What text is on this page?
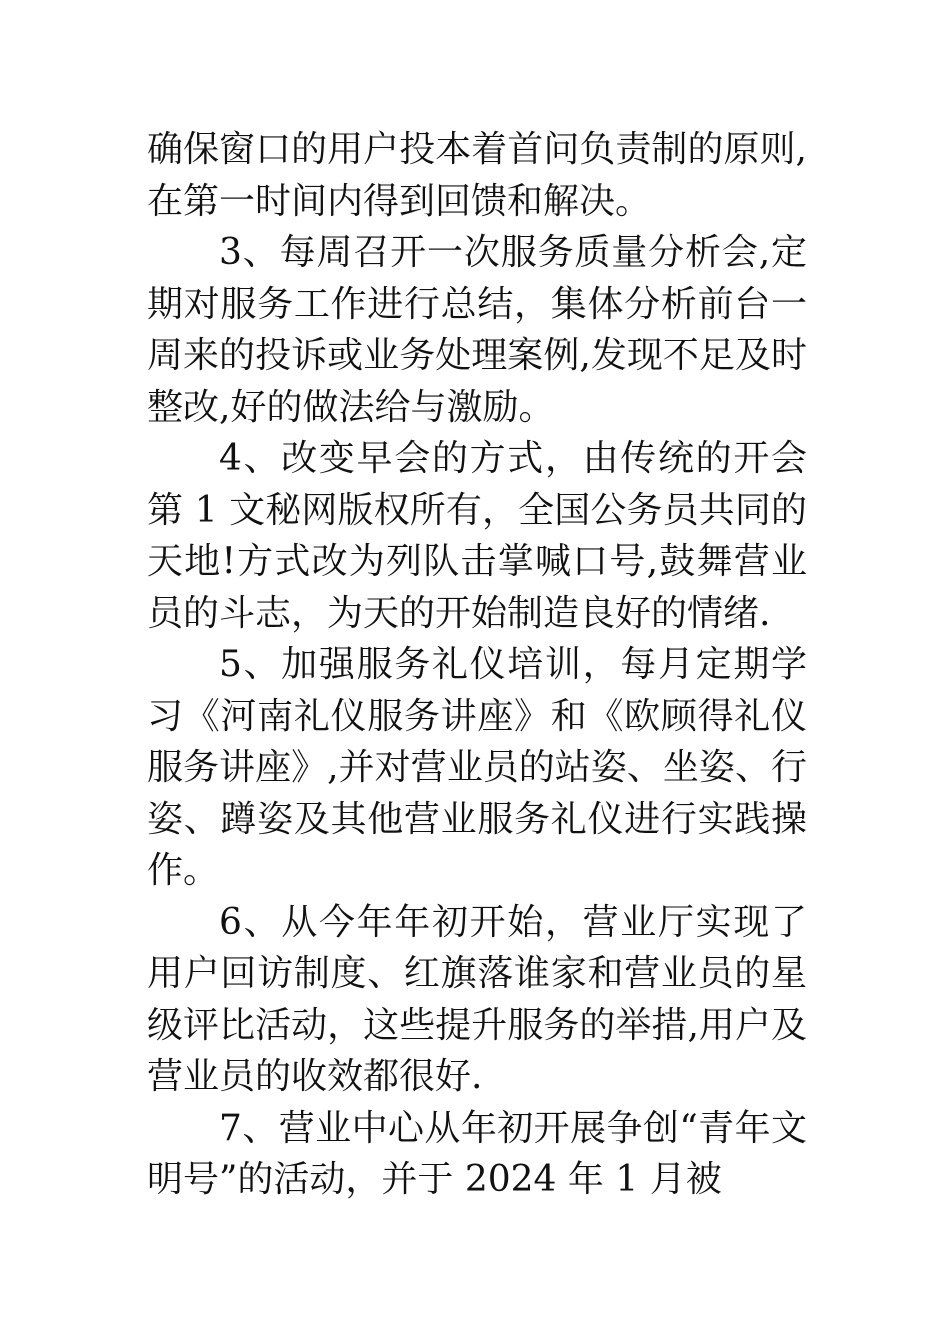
确保窗口的用户投本着首问负责制的原则,在第一时间内得到回馈和解决。

3、每周召开一次服务质量分析会,定期对服务工作进行总结，集体分析前台一周来的投诉或业务处理案例,发现不足及时整改,好的做法给与激励。

4、改变早会的方式，由传统的开会第 1 文秘网版权所有，全国公务员共同的天地!方式改为列队击掌喊口号,鼓舞营业员的斗志，为天的开始制造良好的情绪.

5、加强服务礼仪培训，每月定期学习《河南礼仪服务讲座》和《欧顾得礼仪服务讲座》,并对营业员的站姿、坐姿、行姿、蹲姿及其他营业服务礼仪进行实践操作。

6、从今年年初开始，营业厅实现了用户回访制度、红旗落谁家和营业员的星级评比活动，这些提升服务的举措,用户及营业员的收效都很好.

7、营业中心从年初开展争创“青年文明号”的活动，并于 2024 年 1 月被
